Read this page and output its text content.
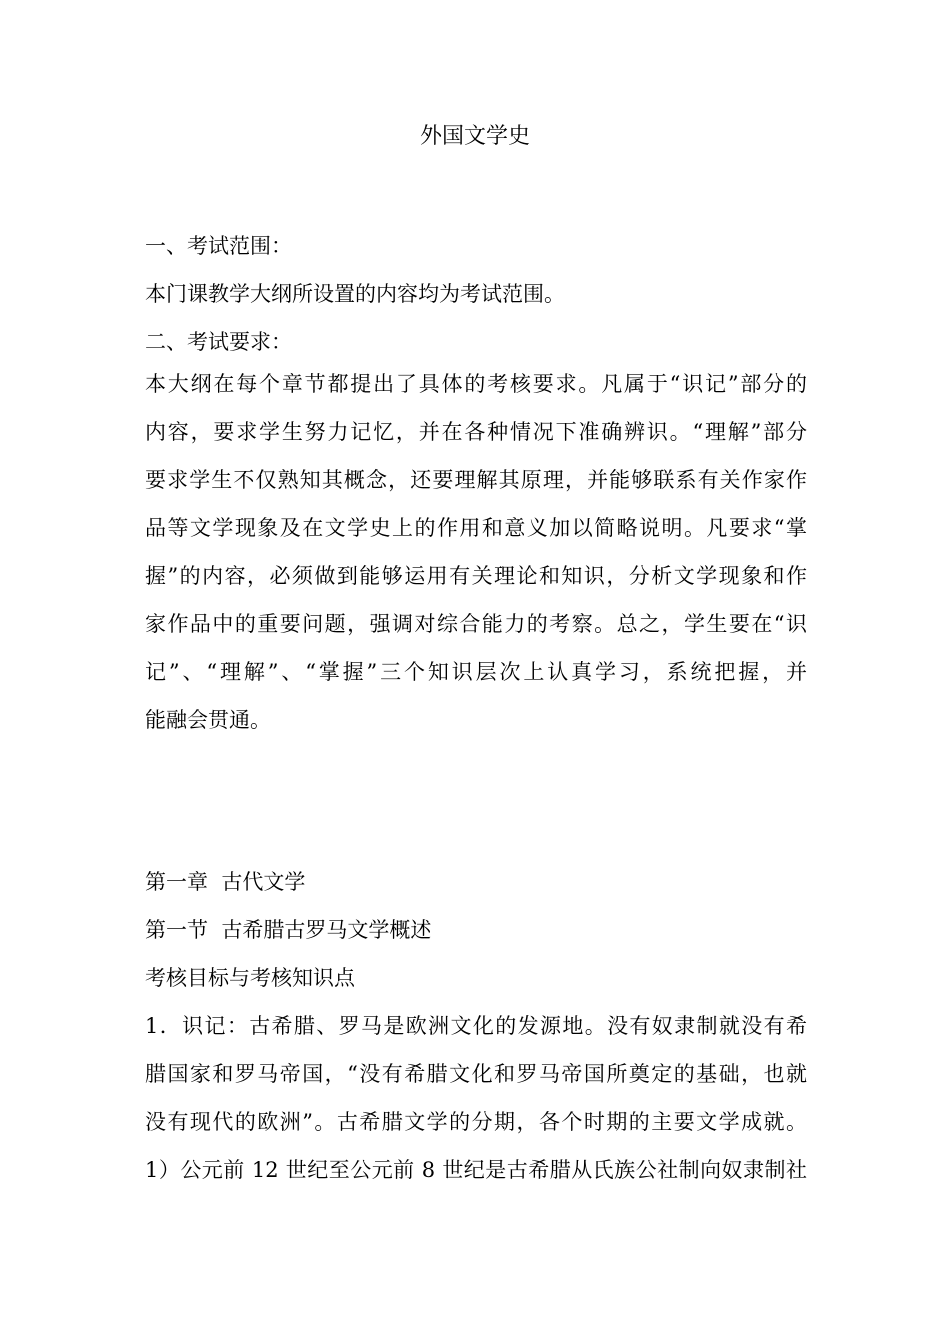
外国文学史
一、考试范围：
本门课教学大纲所设置的内容均为考试范围。
二、考试要求：
本大纲在每个章节都提出了具体的考核要求。凡属于“识记”部分的
内容，要求学生努力记忆，并在各种情况下准确辨识。“理解”部分
要求学生不仅熟知其概念，还要理解其原理，并能够联系有关作家作
品等文学现象及在文学史上的作用和意义加以简略说明。凡要求“掌
握”的内容，必须做到能够运用有关理论和知识，分析文学现象和作
家作品中的重要问题，强调对综合能力的考察。总之，学生要在“识
记”、“理解”、“掌握”三个知识层次上认真学习，系统把握，并
能融会贯通。
第一章  古代文学
第一节  古希腊古罗马文学概述
考核目标与考核知识点
1．识记：古希腊、罗马是欧洲文化的发源地。没有奴隶制就没有希
腊国家和罗马帝国，“没有希腊文化和罗马帝国所奠定的基础，也就
没有现代的欧洲”。古希腊文学的分期，各个时期的主要文学成就。
1）公元前 12 世纪至公元前 8 世纪是古希腊从氏族公社制向奴隶制社
